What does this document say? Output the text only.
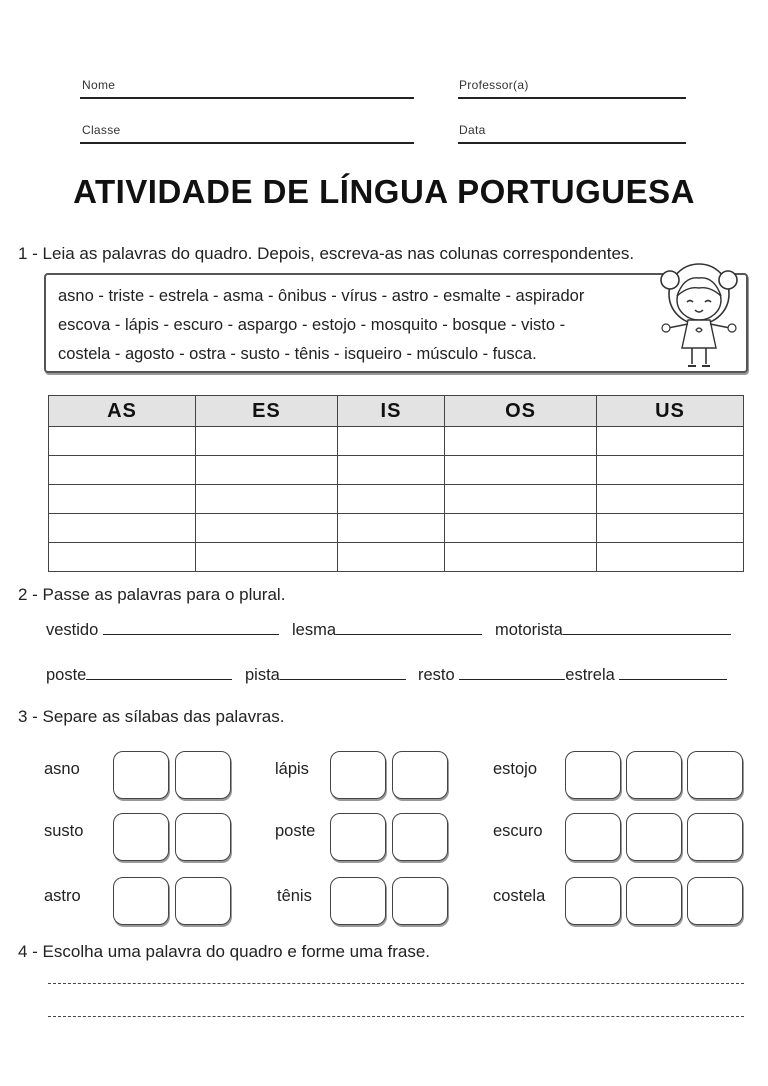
Nome	Professor(a)
Classe	Data
ATIVIDADE DE LÍNGUA PORTUGUESA
1 - Leia as palavras do quadro. Depois, escreva-as nas colunas correspondentes.
asno - triste - estrela - asma - ônibus - vírus - astro - esmalte - aspirador
escova - lápis - escuro - aspargo - estojo - mosquito - bosque - visto -
costela - agosto - ostra - susto - tênis - isqueiro - músculo - fusca.
AS	ES	IS	OS	US

2 - Passe as palavras para o plural.
vestido	lesma	motorista
poste	pista	resto	estrela
3 - Separe as sílabas das palavras.
asno	lápis	estojo
susto	poste	escuro
astro	tênis	costela
4 - Escolha uma palavra do quadro e forme uma frase.
